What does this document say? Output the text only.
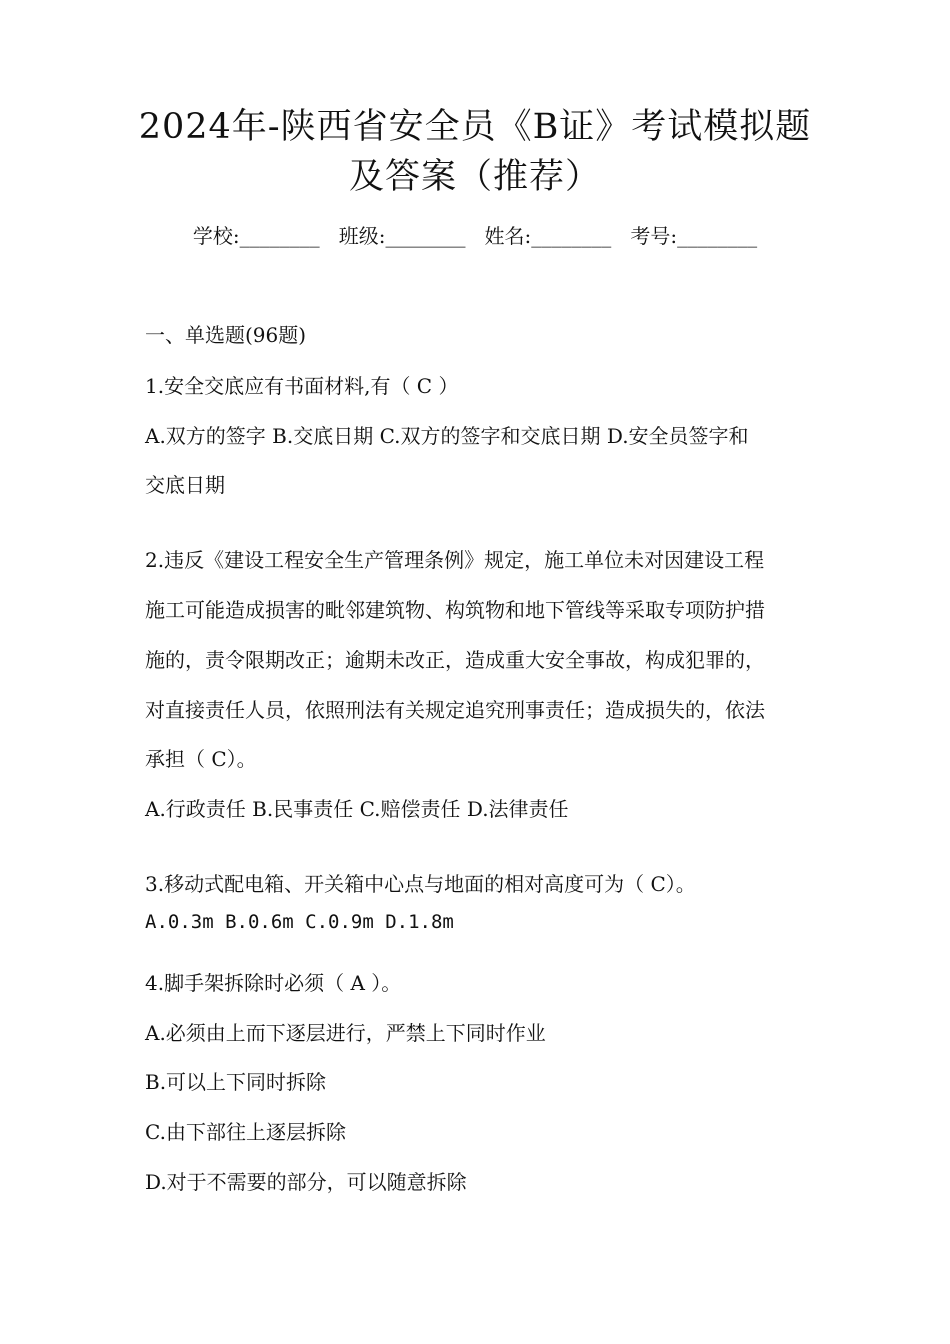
2024年-陕西省安全员《B证》考试模拟题
及答案（推荐）
学校:________ 班级:________ 姓名:________ 考号:________
一、单选题(96题)
1.安全交底应有书面材料,有（ C ）
A.双方的签字 B.交底日期 C.双方的签字和交底日期 D.安全员签字和
交底日期
2.违反《建设工程安全生产管理条例》规定，施工单位未对因建设工程
施工可能造成损害的毗邻建筑物、构筑物和地下管线等采取专项防护措
施的，责令限期改正；逾期未改正，造成重大安全事故，构成犯罪的，
对直接责任人员，依照刑法有关规定追究刑事责任；造成损失的，依法
承担（ C）。
A.行政责任 B.民事责任 C.赔偿责任 D.法律责任
3.移动式配电箱、开关箱中心点与地面的相对高度可为（ C）。
A.0.3m B.0.6m C.0.9m D.1.8m
4.脚手架拆除时必须（ A ）。
A.必须由上而下逐层进行，严禁上下同时作业
B.可以上下同时拆除
C.由下部往上逐层拆除
D.对于不需要的部分，可以随意拆除
